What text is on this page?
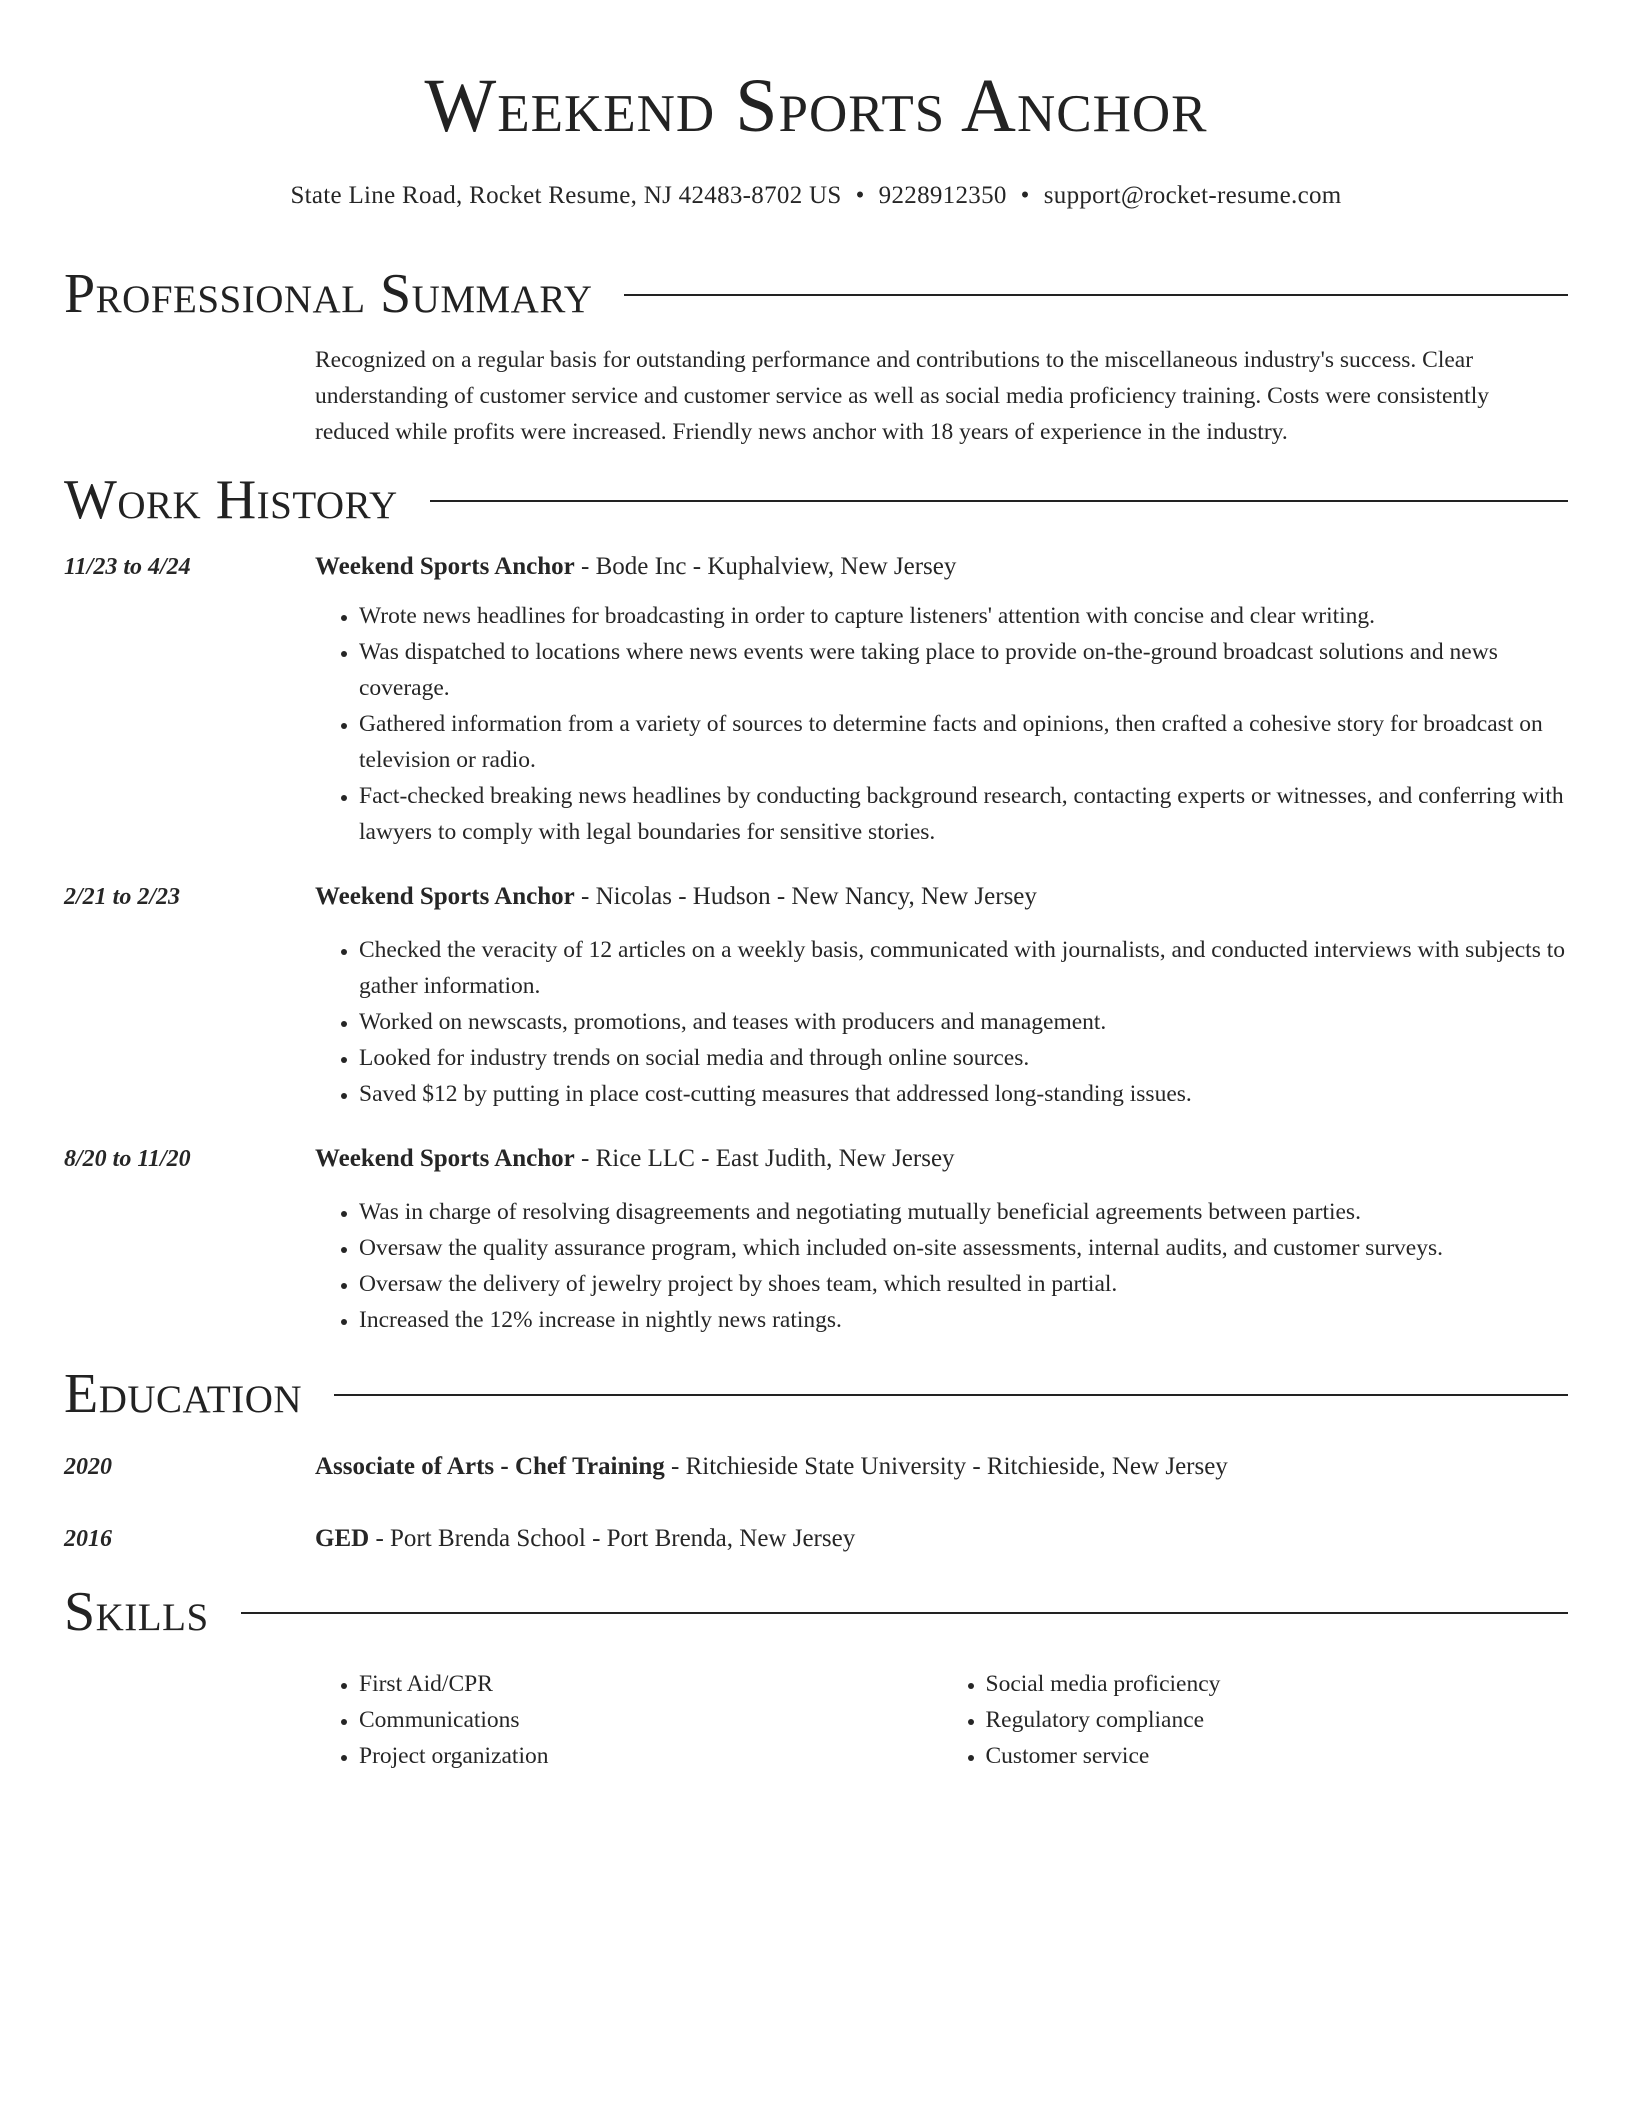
Weekend Sports Anchor
State Line Road, Rocket Resume, NJ 42483-8702 US • 9228912350 • support@rocket-resume.com
Professional Summary

Recognized on a regular basis for outstanding performance and contributions to the miscellaneous industry's success. Clear understanding of customer service and customer service as well as social media proficiency training. Costs were consistently reduced while profits were increased. Friendly news anchor with 18 years of experience in the industry.

Work History
11/23 to 4/24	Weekend Sports Anchor - Bode Inc - Kuphalview, New Jersey
• Wrote news headlines for broadcasting in order to capture listeners' attention with concise and clear writing.
• Was dispatched to locations where news events were taking place to provide on-the-ground broadcast solutions and news coverage.
• Gathered information from a variety of sources to determine facts and opinions, then crafted a cohesive story for broadcast on television or radio.
• Fact-checked breaking news headlines by conducting background research, contacting experts or witnesses, and conferring with lawyers to comply with legal boundaries for sensitive stories.
2/21 to 2/23	Weekend Sports Anchor - Nicolas - Hudson - New Nancy, New Jersey
• Checked the veracity of 12 articles on a weekly basis, communicated with journalists, and conducted interviews with subjects to gather information.
• Worked on newscasts, promotions, and teases with producers and management.
• Looked for industry trends on social media and through online sources.
• Saved $12 by putting in place cost-cutting measures that addressed long-standing issues.
8/20 to 11/20	Weekend Sports Anchor - Rice LLC - East Judith, New Jersey
• Was in charge of resolving disagreements and negotiating mutually beneficial agreements between parties.
• Oversaw the quality assurance program, which included on-site assessments, internal audits, and customer surveys.
• Oversaw the delivery of jewelry project by shoes team, which resulted in partial.
• Increased the 12% increase in nightly news ratings.
Education
2020	Associate of Arts - Chef Training - Ritchieside State University - Ritchieside, New Jersey
2016	GED - Port Brenda School - Port Brenda, New Jersey
Skills
• First Aid/CPR
• Communications
• Project organization
• Social media proficiency
• Regulatory compliance
• Customer service
